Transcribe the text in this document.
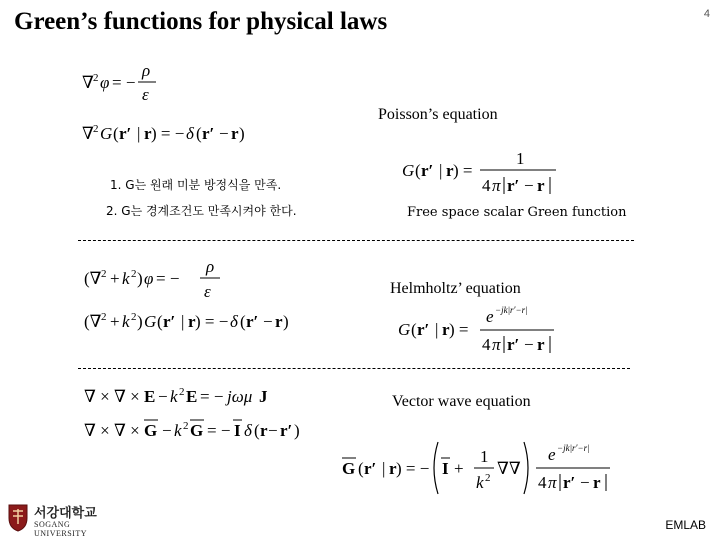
Green’s functions for physical laws	4
∇ 2 φ = −
ρ
ε
∇ 2 G ( r′ | r ) = − δ ( r′ − r )
Poisson’s equation
1. G는 원래 미분 방정식을 만족.
2. G는 경계조건도 만족시켜야 한다.
G ( r′ | r ) =
1
4 π r′ − r
Free space scalar Green function
(∇ 2 + k 2 ) φ = −
ρ
ε
(∇ 2 + k 2 ) G ( r′ | r ) = − δ ( r′ − r )
Helmholtz’ equation
G ( r′ | r ) =
e −jk|r′−r|
4 π r′ − r
∇ × ∇ × E − k 2 E = − jωμ J
∇ × ∇ × G − k 2 G = − I δ ( r − r′ )
Vector wave equation
G ( r′ | r ) = − I +
1
k 2 ∇∇
e −jk|r′−r|
4 π r′ − r
서강대학교
SOGANG UNIVERSITY
EMLAB
